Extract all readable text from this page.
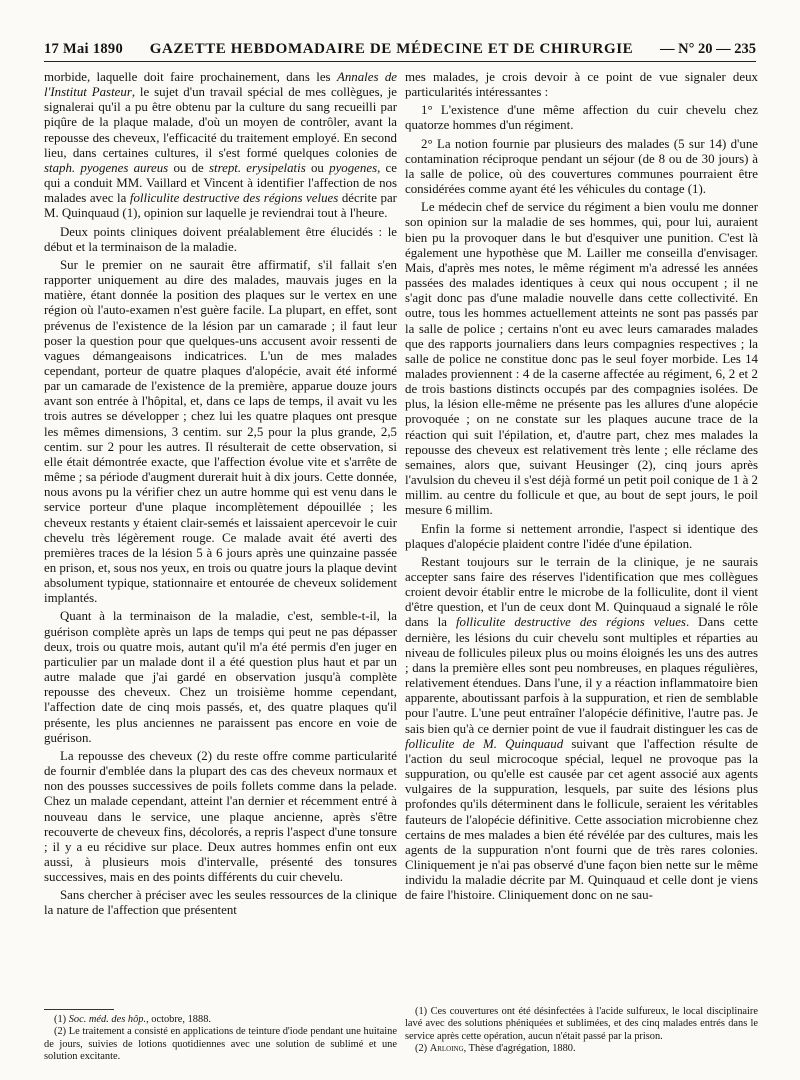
17 Mai 1890 GAZETTE HEBDOMADAIRE DE MÉDECINE ET DE CHIRURGIE — N° 20 — 235

morbide, laquelle doit faire prochainement, dans les Annales de l'Institut Pasteur, le sujet d'un travail spécial de mes collègues, je signalerai qu'il a pu être obtenu par la culture du sang recueilli par piqûre de la plaque malade, d'où un moyen de contrôler, avant la repousse des cheveux, l'efficacité du traitement employé. En second lieu, dans certaines cultures, il s'est formé quelques colonies de staph. pyogenes aureus ou de strept. erysipelatis ou pyogenes, ce qui a conduit MM. Vaillard et Vincent à identifier l'affection de nos malades avec la folliculite destructive des régions velues décrite par M. Quinquaud (1), opinion sur laquelle je reviendrai tout à l'heure.

Deux points cliniques doivent préalablement être élucidés : le début et la terminaison de la maladie.

Sur le premier on ne saurait être affirmatif, s'il fallait s'en rapporter uniquement au dire des malades, mauvais juges en la matière, étant donnée la position des plaques sur le vertex en une région où l'auto-examen n'est guère facile. La plupart, en effet, sont prévenus de l'existence de la lésion par un camarade ; il faut leur poser la question pour que quelques-uns accusent avoir ressenti de vagues démangeaisons indicatrices. L'un de mes malades cependant, porteur de quatre plaques d'alopécie, avait été informé par un camarade de l'existence de la première, apparue douze jours avant son entrée à l'hôpital, et, dans ce laps de temps, il avait vu les trois autres se développer ; chez lui les quatre plaques ont presque les mêmes dimensions, 3 centim. sur 2,5 pour la plus grande, 2,5 centim. sur 2 pour les autres. Il résulterait de cette observation, si elle était démontrée exacte, que l'affection évolue vite et s'arrête de même ; sa période d'augment durerait huit à dix jours. Cette donnée, nous avons pu la vérifier chez un autre homme qui est venu dans le service porteur d'une plaque incomplètement dépouillée ; les cheveux restants y étaient clair-semés et laissaient apercevoir le cuir chevelu très légèrement rouge. Ce malade avait été averti des premières traces de la lésion 5 à 6 jours après une quinzaine passée en prison, et, sous nos yeux, en trois ou quatre jours la plaque devint absolument typique, stationnaire et entourée de cheveux solidement implantés.

Quant à la terminaison de la maladie, c'est, semble-t-il, la guérison complète après un laps de temps qui peut ne pas dépasser deux, trois ou quatre mois, autant qu'il m'a été permis d'en juger en particulier par un malade dont il a été question plus haut et par un autre malade que j'ai gardé en observation jusqu'à complète repousse des cheveux. Chez un troisième homme cependant, l'affection date de cinq mois passés, et, des quatre plaques qu'il présente, les plus anciennes ne paraissent pas encore en voie de guérison.

La repousse des cheveux (2) du reste offre comme particularité de fournir d'emblée dans la plupart des cas des cheveux normaux et non des pousses successives de poils follets comme dans la pelade. Chez un malade cependant, atteint l'an dernier et récemment entré à nouveau dans le service, une plaque ancienne, après s'être recouverte de cheveux fins, décolorés, a repris l'aspect d'une tonsure ; il y a eu récidive sur place. Deux autres hommes enfin ont eux aussi, à plusieurs mois d'intervalle, présenté des tonsures successives, mais en des points différents du cuir chevelu.

Sans chercher à préciser avec les seules ressources de la clinique la nature de l'affection que présentent

(1) Soc. méd. des hôp., octobre, 1888.

(2) Le traitement a consisté en applications de teinture d'iode pendant une huitaine de jours, suivies de lotions quotidiennes avec une solution de sublimé et une solution excitante.

mes malades, je crois devoir à ce point de vue signaler deux particularités intéressantes :

1° L'existence d'une même affection du cuir chevelu chez quatorze hommes d'un régiment.

2° La notion fournie par plusieurs des malades (5 sur 14) d'une contamination réciproque pendant un séjour (de 8 ou de 30 jours) à la salle de police, où des couvertures communes pourraient être considérées comme ayant été les véhicules du contage (1).

Le médecin chef de service du régiment a bien voulu me donner son opinion sur la maladie de ses hommes, qui, pour lui, auraient bien pu la provoquer dans le but d'esquiver une punition. C'est là également une hypothèse que M. Lailler me conseilla d'envisager. Mais, d'après mes notes, le même régiment m'a adressé les années passées des malades identiques à ceux qui nous occupent ; il ne s'agit donc pas d'une maladie nouvelle dans cette collectivité. En outre, tous les hommes actuellement atteints ne sont pas passés par la salle de police ; certains n'ont eu avec leurs camarades malades que des rapports journaliers dans leurs compagnies respectives ; la salle de police ne constitue donc pas le seul foyer morbide. Les 14 malades proviennent : 4 de la caserne affectée au régiment, 6, 2 et 2 de trois bastions distincts occupés par des compagnies isolées. De plus, la lésion elle-même ne présente pas les allures d'une alopécie provoquée ; on ne constate sur les plaques aucune trace de la réaction qui suit l'épilation, et, d'autre part, chez mes malades la repousse des cheveux est relativement très lente ; elle réclame des semaines, alors que, suivant Heusinger (2), cinq jours après l'avulsion du cheveu il s'est déjà formé un petit poil conique de 1 à 2 millim. au centre du follicule et que, au bout de sept jours, le poil mesure 6 millim.

Enfin la forme si nettement arrondie, l'aspect si identique des plaques d'alopécie plaident contre l'idée d'une épilation.

Restant toujours sur le terrain de la clinique, je ne saurais accepter sans faire des réserves l'identification que mes collègues croient devoir établir entre le microbe de la folliculite, dont il vient d'être question, et l'un de ceux dont M. Quinquaud a signalé le rôle dans la folliculite destructive des régions velues. Dans cette dernière, les lésions du cuir chevelu sont multiples et réparties au niveau de follicules pileux plus ou moins éloignés les uns des autres ; dans la première elles sont peu nombreuses, en plaques régulières, relativement étendues. Dans l'une, il y a réaction inflammatoire bien apparente, aboutissant parfois à la suppuration, et rien de semblable pour l'autre. L'une peut entraîner l'alopécie définitive, l'autre pas. Je sais bien qu'à ce dernier point de vue il faudrait distinguer les cas de folliculite de M. Quinquaud suivant que l'affection résulte de l'action du seul microcoque spécial, lequel ne provoque pas la suppuration, ou qu'elle est causée par cet agent associé aux agents vulgaires de la suppuration, lesquels, par suite des lésions plus profondes qu'ils déterminent dans le follicule, seraient les véritables fauteurs de l'alopécie définitive. Cette association microbienne chez certains de mes malades a bien été révélée par des cultures, mais les agents de la suppuration n'ont fourni que de très rares colonies. Cliniquement je n'ai pas observé d'une façon bien nette sur le même individu la maladie décrite par M. Quinquaud et celle dont je viens de faire l'histoire. Cliniquement donc on ne sau-

(1) Ces couvertures ont été désinfectées à l'acide sulfureux, le local disciplinaire lavé avec des solutions phéniquées et sublimées, et des cinq malades entrés dans le service après cette opération, aucun n'était passé par la prison.

(2) Arloing, Thèse d'agrégation, 1880.
